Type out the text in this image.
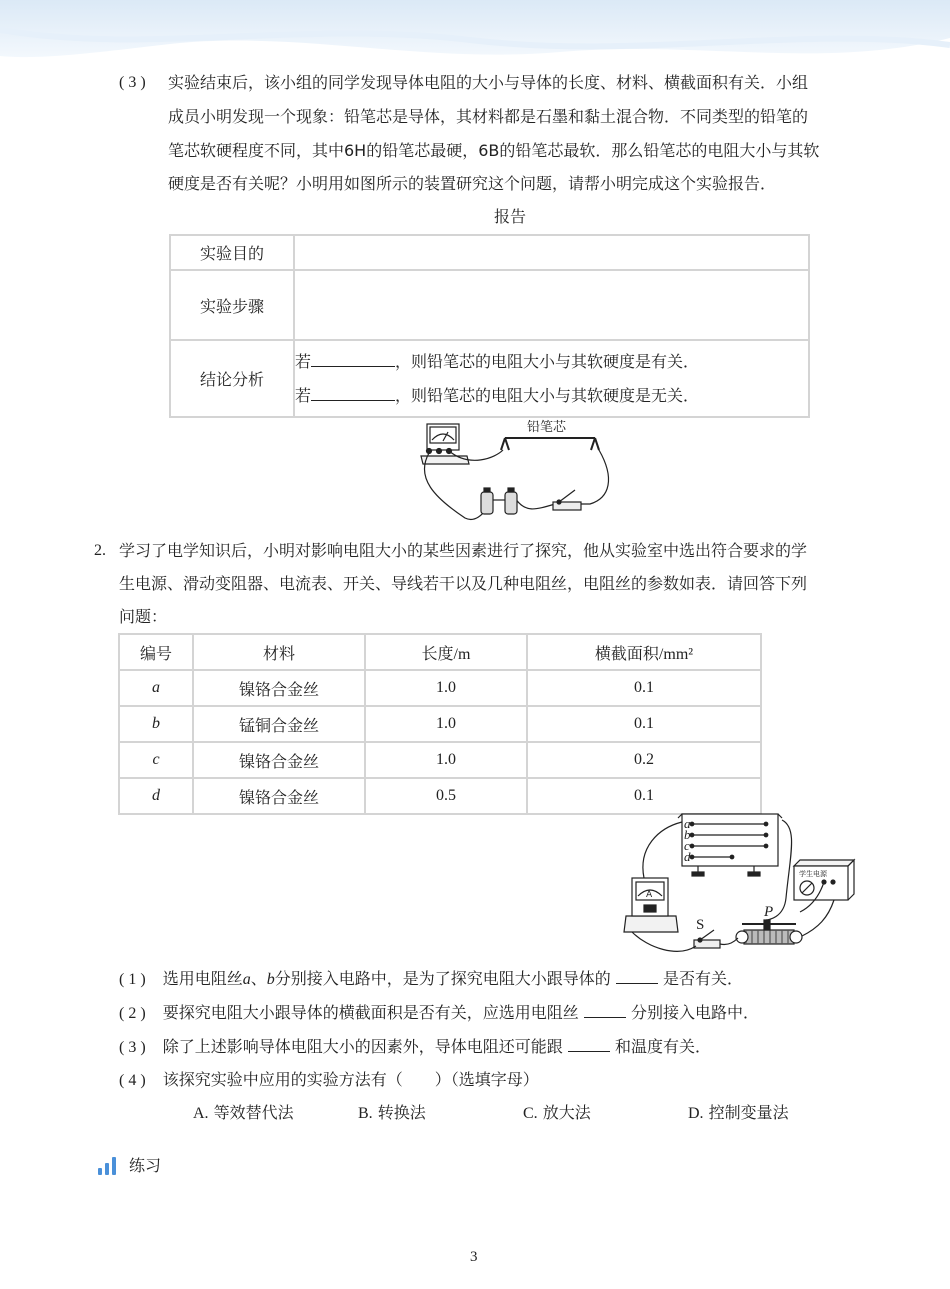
( 3 ) 实验结束后，该小组的同学发现导体电阻的大小与导体的长度、材料、横截面积有关．小组
成员小明发现一个现象：铅笔芯是导体，其材料都是石墨和黏土混合物．不同类型的铅笔的
笔芯软硬程度不同，其中6H的铅笔芯最硬，6B的铅笔芯最软．那么铅笔芯的电阻大小与其软
硬度是否有关呢？小明用如图所示的装置研究这个问题，请帮小明完成这个实验报告．
报告
实验目的	
实验步骤	
结论分析	若 ，则铅笔芯的电阻大小与其软硬度是有关．
若 ，则铅笔芯的电阻大小与其软硬度是无关．
铅笔芯
2. 学习了电学知识后，小明对影响电阻大小的某些因素进行了探究，他从实验室中选出符合要求的学
生电源、滑动变阻器、电流表、开关、导线若干以及几种电阻丝，电阻丝的参数如表．请回答下列
问题：
编号	材料	长度/m	横截面积/mm²
a	镍铬合金丝	1.0	0.1
b	锰铜合金丝	1.0	0.1
c	镍铬合金丝	1.0	0.2
d	镍铬合金丝	0.5	0.1
a
b
c
d
学生电源
A
S
P
( 1 ) 选用电阻丝a、b分别接入电路中，是为了探究电阻大小跟导体的	是否有关．
( 2 ) 要探究电阻大小跟导体的横截面积是否有关，应选用电阻丝	分别接入电路中．
( 3 ) 除了上述影响导体电阻大小的因素外，导体电阻还可能跟	和温度有关．
( 4 ) 该探究实验中应用的实验方法有（　　）（选填字母）
A. 等效替代法	B. 转换法	C. 放大法	D. 控制变量法
练习
3
